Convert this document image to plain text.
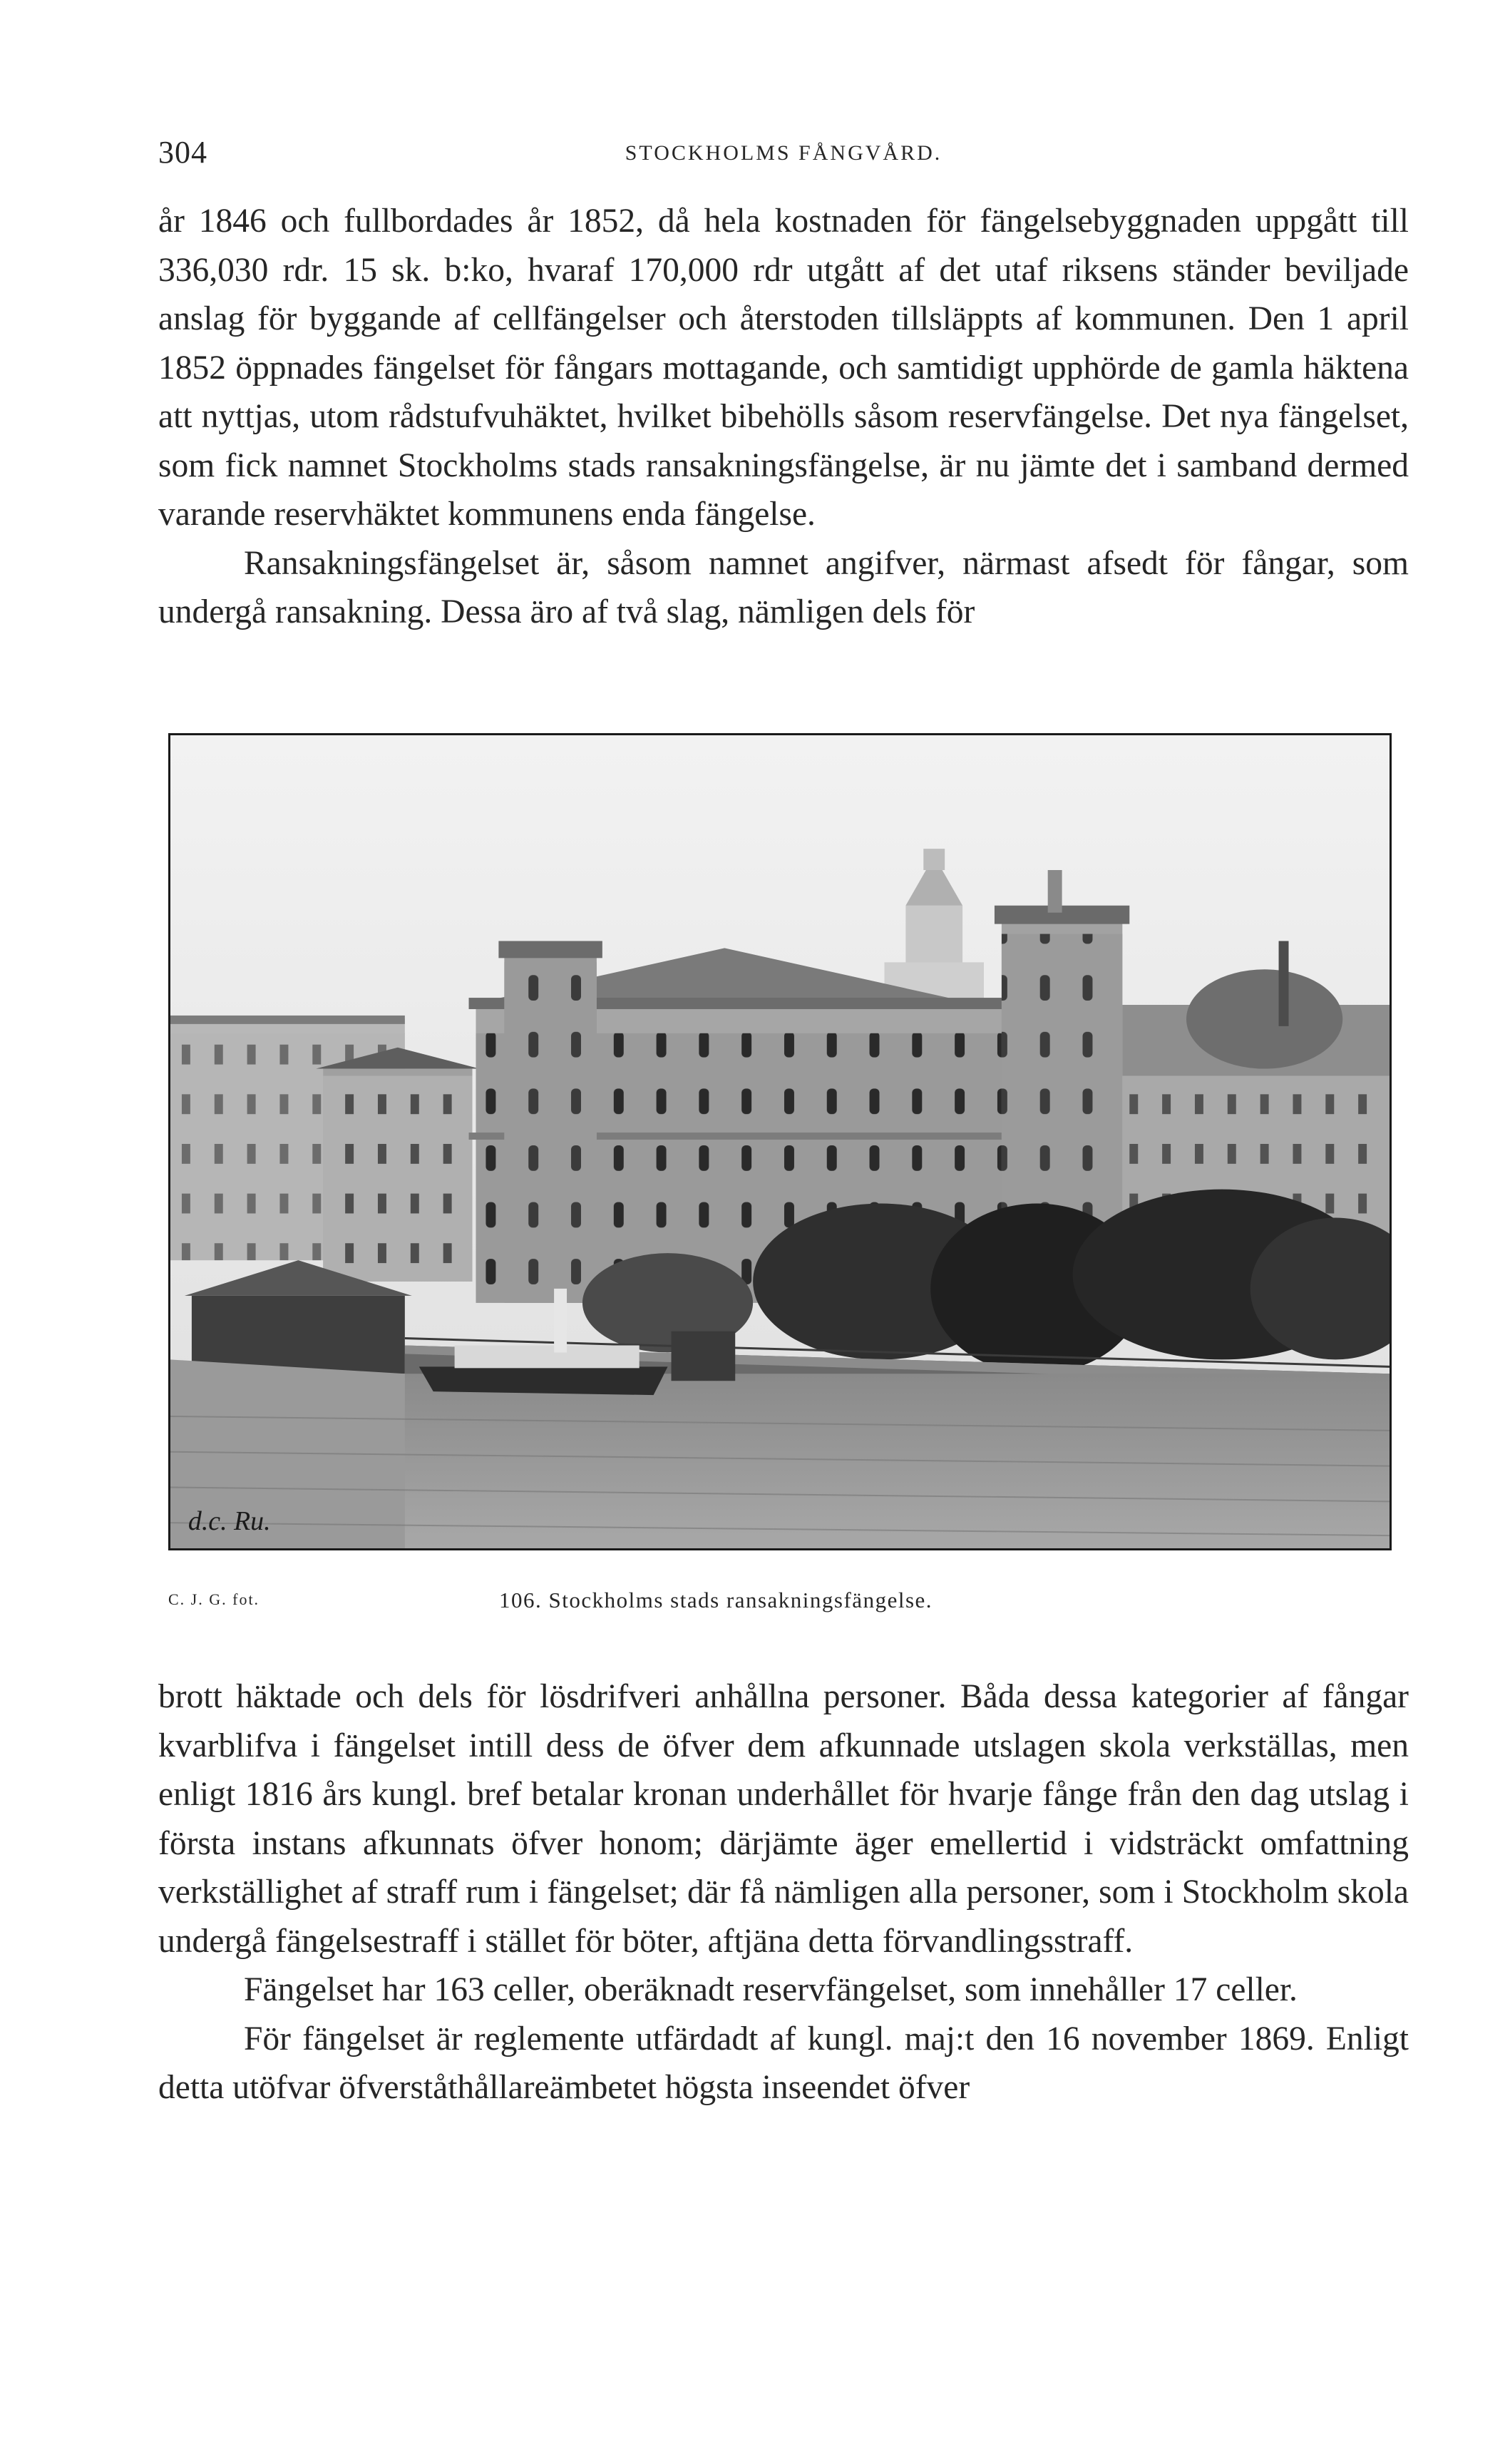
304	STOCKHOLMS FÅNGVÅRD.

år 1846 och fullbordades år 1852, då hela kostnaden för fängelsebyggnaden uppgått till 336,030 rdr. 15 sk. b:ko, hvaraf 170,000 rdr utgått af det utaf riksens ständer beviljade anslag för byggande af cellfängelser och återstoden tillsläppts af kommunen. Den 1 april 1852 öppnades fängelset för fångars mottagande, och samtidigt upphörde de gamla häktena att nyttjas, utom rådstufvuhäktet, hvilket bibehölls såsom reservfängelse. Det nya fängelset, som fick namnet Stockholms stads ransakningsfängelse, är nu jämte det i samband dermed varande reservhäktet kommunens enda fängelse.

Ransakningsfängelset är, såsom namnet angifver, närmast afsedt för fångar, som undergå ransakning. Dessa äro af två slag, nämligen dels för

d.c. Ru.
C. J. G. fot.	106. Stockholms stads ransakningsfängelse.

brott häktade och dels för lösdrifveri anhållna personer. Båda dessa kategorier af fångar kvarblifva i fängelset intill dess de öfver dem afkunnade utslagen skola verkställas, men enligt 1816 års kungl. bref betalar kronan underhållet för hvarje fånge från den dag utslag i första instans afkunnats öfver honom; därjämte äger emellertid i vidsträckt omfattning verkställighet af straff rum i fängelset; där få nämligen alla personer, som i Stockholm skola undergå fängelsestraff i stället för böter, aftjäna detta förvandlingsstraff.

Fängelset har 163 celler, oberäknadt reservfängelset, som innehåller 17 celler.

För fängelset är reglemente utfärdadt af kungl. maj:t den 16 november 1869. Enligt detta utöfvar öfverståthållareämbetet högsta inseendet öfver
